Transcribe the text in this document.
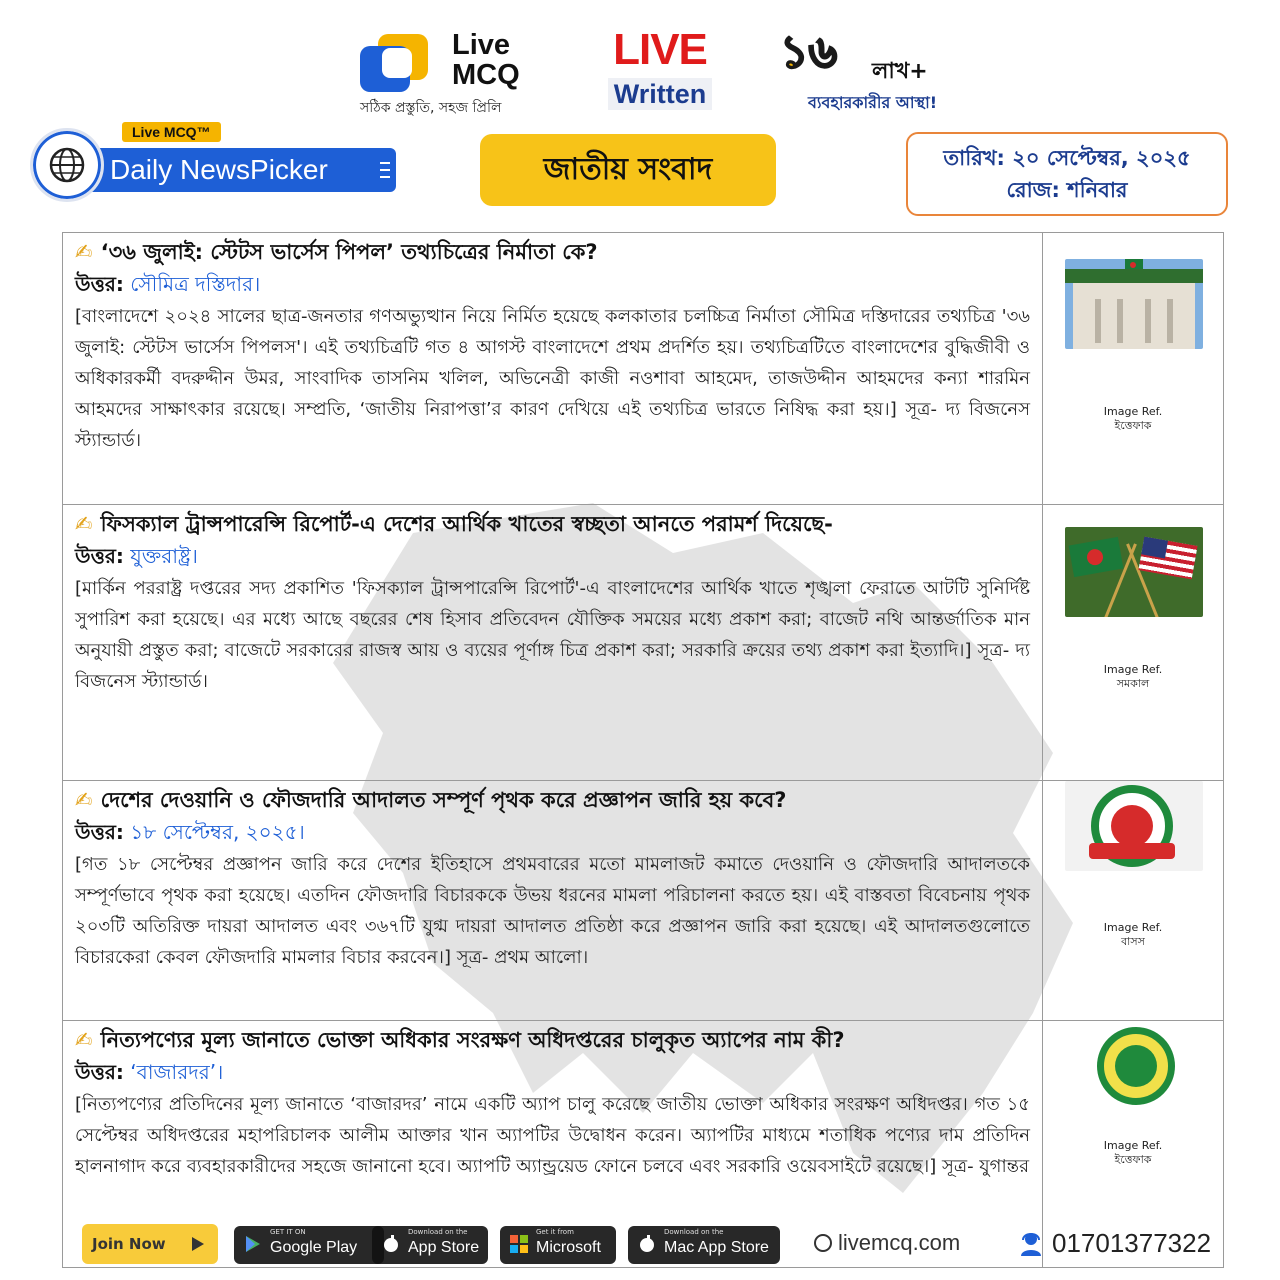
Live
MCQ
সঠিক প্রস্তুতি, সহজ প্রিলি
LIVE
Written
১৬ লাখ+
ব্যবহারকারীর আস্থা!
Live MCQ™
Daily NewsPicker	জাতীয় সংবাদ	তারিখ: ২০ সেপ্টেম্বর, ২০২৫
রোজ: শনিবার
✍ ‘৩৬ জুলাই: স্টেটস ভার্সেস পিপল’ তথ্যচিত্রের নির্মাতা কে?
উত্তর: সৌমিত্র দস্তিদার।
[বাংলাদেশে ২০২৪ সালের ছাত্র-জনতার গণঅভ্যুত্থান নিয়ে নির্মিত হয়েছে কলকাতার চলচ্চিত্র নির্মাতা সৌমিত্র দস্তিদারের তথ্যচিত্র '৩৬ জুলাই: স্টেটস ভার্সেস পিপলস'। এই তথ্যচিত্রটি গত ৪ আগস্ট বাংলাদেশে প্রথম প্রদর্শিত হয়। তথ্যচিত্রটিতে বাংলাদেশের বুদ্ধিজীবী ও অধিকারকর্মী বদরুদ্দীন উমর, সাংবাদিক তাসনিম খলিল, অভিনেত্রী কাজী নওশাবা আহমেদ, তাজউদ্দীন আহমদের কন্যা শারমিন আহমদের সাক্ষাৎকার রয়েছে। সম্প্রতি, ‘জাতীয় নিরাপত্তা’র কারণ দেখিয়ে এই তথ্যচিত্র ভারতে নিষিদ্ধ করা হয়।] সূত্র- দ্য বিজনেস স্ট্যান্ডার্ড।
Image Ref.
ইত্তেফাক
✍ ফিসক্যাল ট্রান্সপারেন্সি রিপোর্ট-এ দেশের আর্থিক খাতের স্বচ্ছতা আনতে পরামর্শ দিয়েছে-
উত্তর: যুক্তরাষ্ট্র।
[মার্কিন পররাষ্ট্র দপ্তরের সদ্য প্রকাশিত 'ফিসক্যাল ট্রান্সপারেন্সি রিপোর্ট'-এ বাংলাদেশের আর্থিক খাতে শৃঙ্খলা ফেরাতে আটটি সুনির্দিষ্ট সুপারিশ করা হয়েছে। এর মধ্যে আছে বছরের শেষ হিসাব প্রতিবেদন যৌক্তিক সময়ের মধ্যে প্রকাশ করা; বাজেট নথি আন্তর্জাতিক মান অনুযায়ী প্রস্তুত করা; বাজেটে সরকারের রাজস্ব আয় ও ব্যয়ের পূর্ণাঙ্গ চিত্র প্রকাশ করা; সরকারি ক্রয়ের তথ্য প্রকাশ করা ইত্যাদি।] সূত্র- দ্য বিজনেস স্ট্যান্ডার্ড।
Image Ref.
সমকাল
✍ দেশের দেওয়ানি ও ফৌজদারি আদালত সম্পূর্ণ পৃথক করে প্রজ্ঞাপন জারি হয় কবে?
উত্তর: ১৮ সেপ্টেম্বর, ২০২৫।
[গত ১৮ সেপ্টেম্বর প্রজ্ঞাপন জারি করে দেশের ইতিহাসে প্রথমবারের মতো মামলাজট কমাতে দেওয়ানি ও ফৌজদারি আদালতকে সম্পূর্ণভাবে পৃথক করা হয়েছে। এতদিন ফৌজদারি বিচারককে উভয় ধরনের মামলা পরিচালনা করতে হয়। এই বাস্তবতা বিবেচনায় পৃথক ২০৩টি অতিরিক্ত দায়রা আদালত এবং ৩৬৭টি যুগ্ম দায়রা আদালত প্রতিষ্ঠা করে প্রজ্ঞাপন জারি করা হয়েছে। এই আদালতগুলোতে বিচারকেরা কেবল ফৌজদারি মামলার বিচার করবেন।] সূত্র- প্রথম আলো।
Image Ref.
বাসস
✍ নিত্যপণ্যের মূল্য জানাতে ভোক্তা অধিকার সংরক্ষণ অধিদপ্তরের চালুকৃত অ্যাপের নাম কী?
উত্তর: ‘বাজারদর’।
[নিত্যপণ্যের প্রতিদিনের মূল্য জানাতে ‘বাজারদর’ নামে একটি অ্যাপ চালু করেছে জাতীয় ভোক্তা অধিকার সংরক্ষণ অধিদপ্তর। গত ১৫ সেপ্টেম্বর অধিদপ্তরের মহাপরিচালক আলীম আক্তার খান অ্যাপটির উদ্বোধন করেন। অ্যাপটির মাধ্যমে শতাধিক পণ্যের দাম প্রতিদিন হালনাগাদ করে ব্যবহারকারীদের সহজে জানানো হবে। অ্যাপটি অ্যান্ড্রয়েড ফোনে চলবে এবং সরকারি ওয়েবসাইটে রয়েছে।] সূত্র- যুগান্তর
Image Ref.
ইত্তেফাক
Join Now
GET IT ON
Google Play
Download on the
App Store
Get it from
Microsoft
Download on the
Mac App Store	livemcq.com	01701377322
